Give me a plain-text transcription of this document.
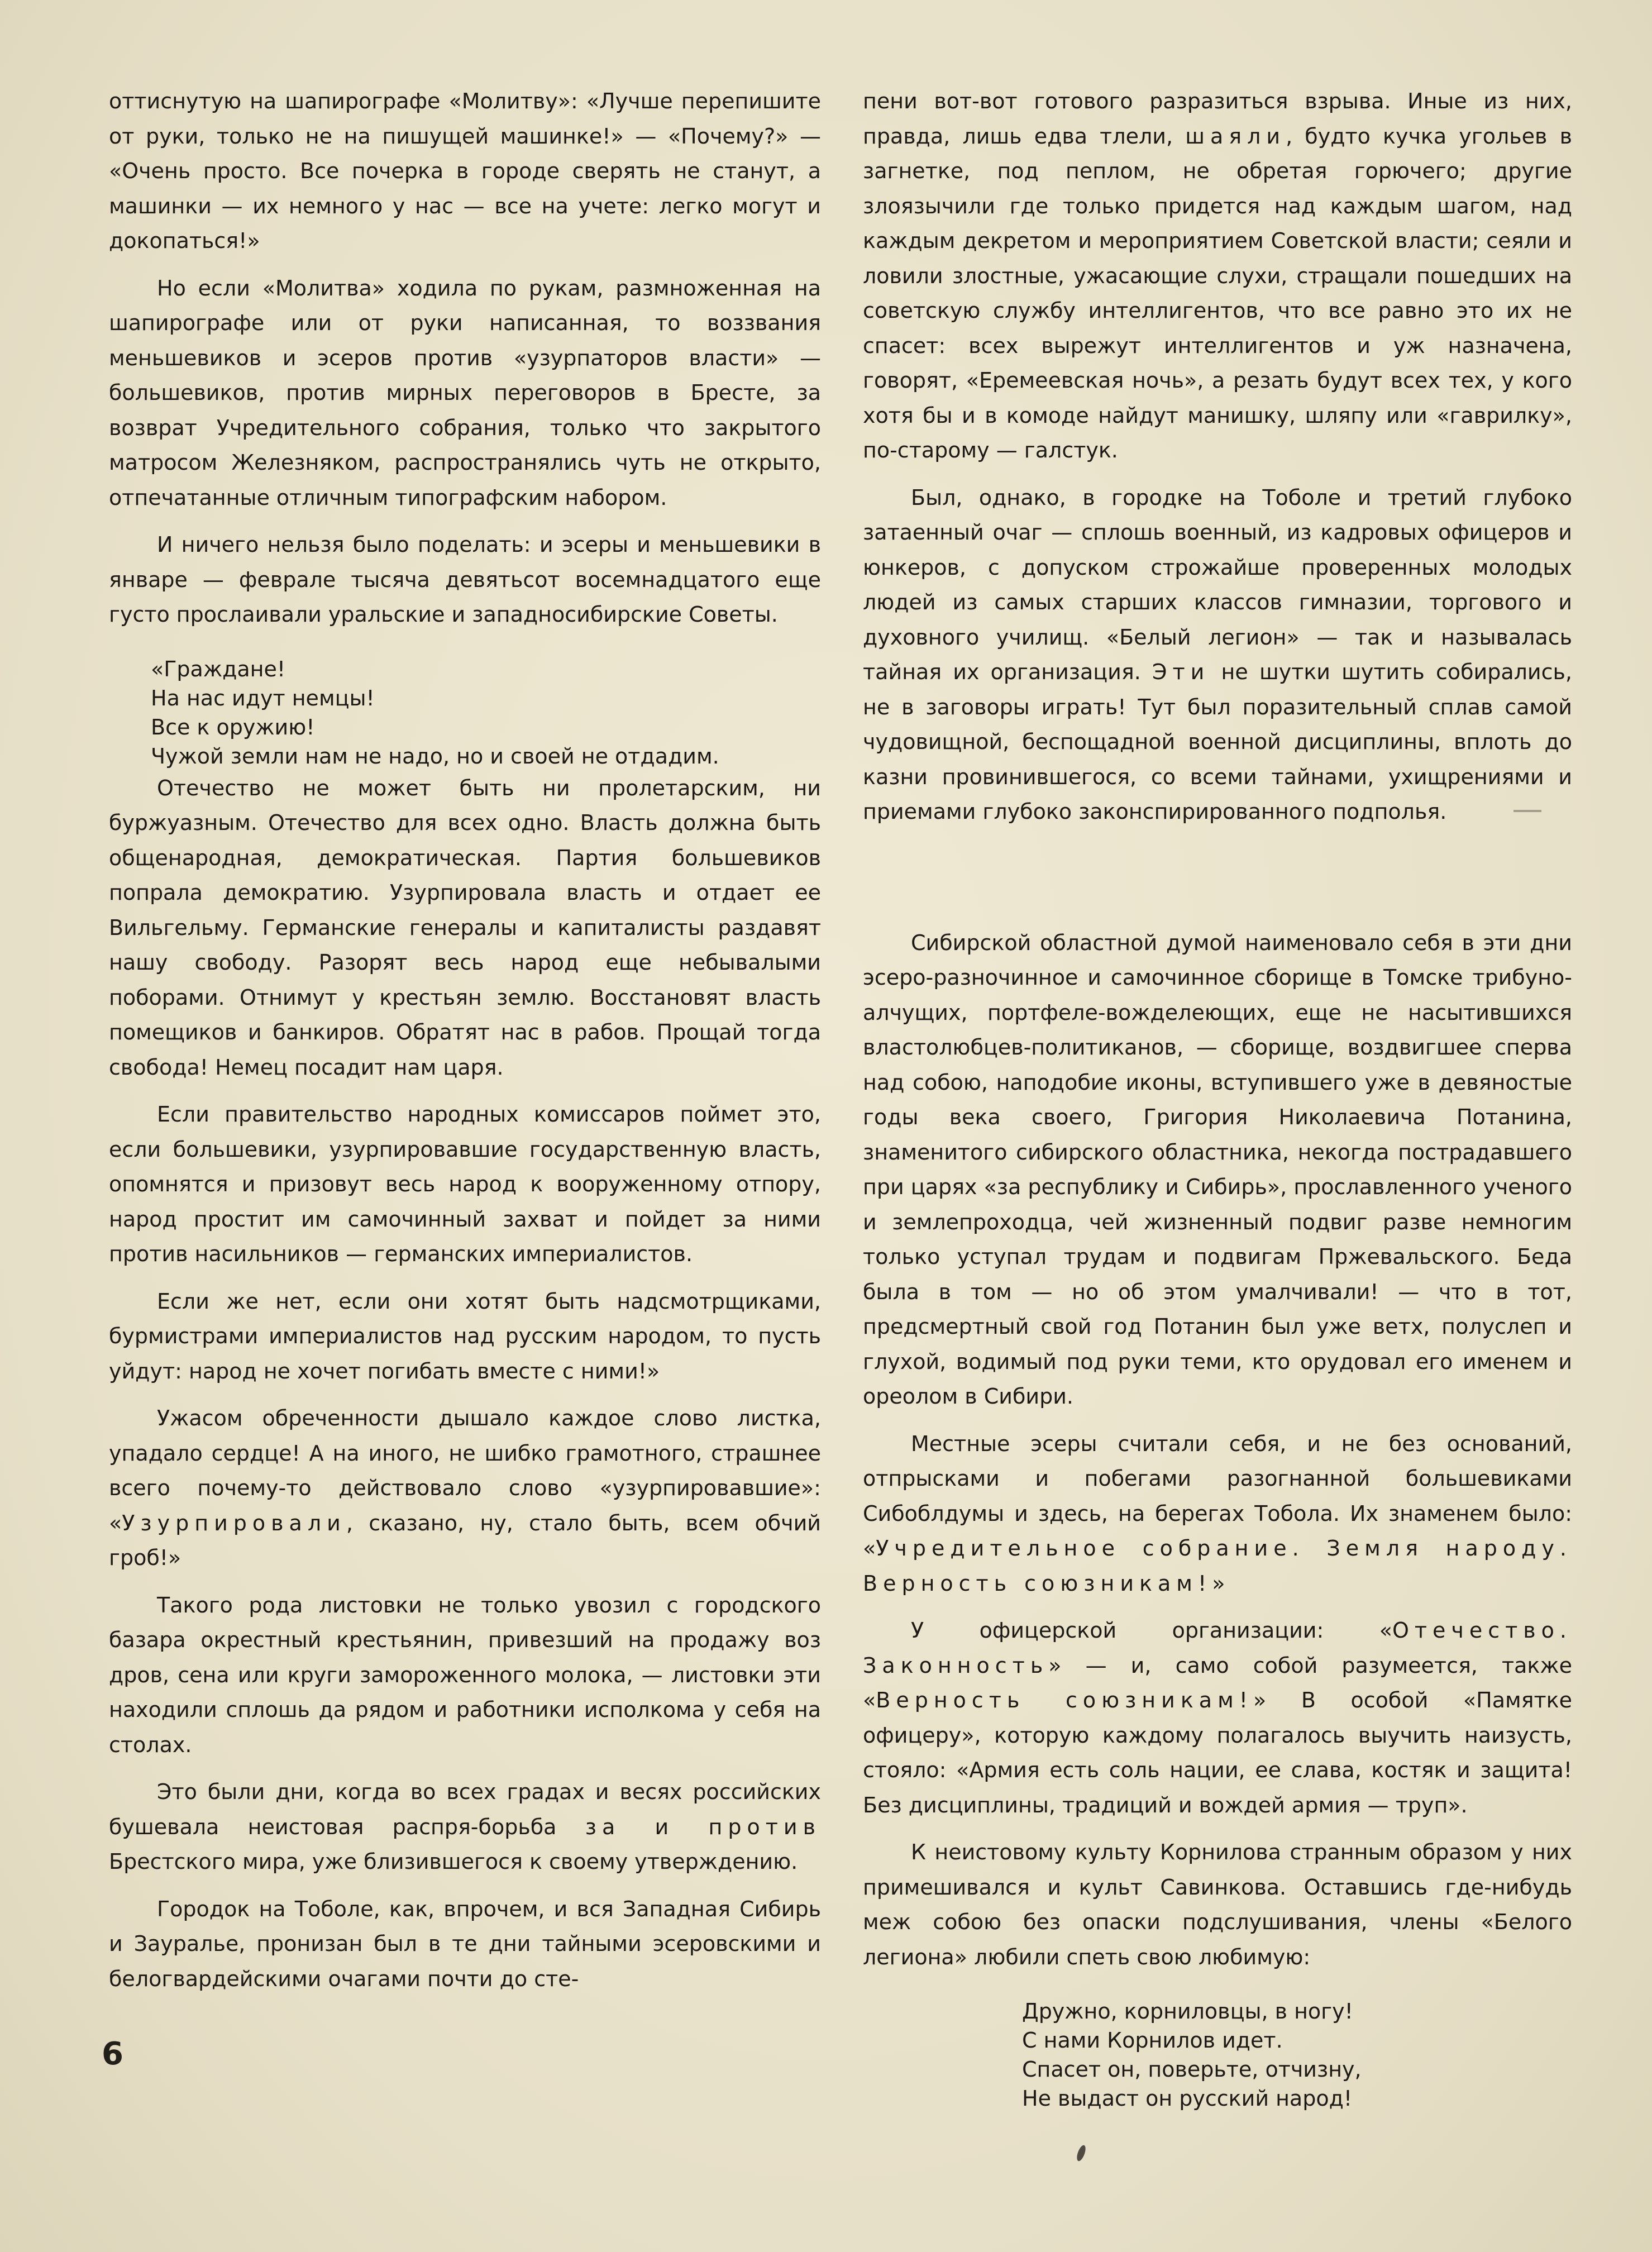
оттиснутую на шапирографе «Молитву»: «Лучше перепишите от руки, только не на пишущей машинке!» — «Почему?» — «Очень просто. Все почерка в городе сверять не станут, а машинки — их немного у нас — все на учете: легко могут и докопаться!»

Но если «Молитва» ходила по рукам, размноженная на шапирографе или от руки написанная, то воззвания меньшевиков и эсеров против «узурпаторов власти» — большевиков, против мирных переговоров в Бресте, за возврат Учредительного собрания, только что закрытого матросом Железняком, распространялись чуть не открыто, отпечатанные отличным типографским набором.

И ничего нельзя было поделать: и эсеры и меньшевики в январе — феврале тысяча девятьсот восемнадцатого еще густо прослаивали уральские и западносибирские Советы.

«Граждане!
На нас идут немцы!
Все к оружию!
Чужой земли нам не надо, но и своей не отдадим.

Отечество не может быть ни пролетарским, ни буржуазным. Отечество для всех одно. Власть должна быть общенародная, демократическая. Партия большевиков попрала демократию. Узурпировала власть и отдает ее Вильгельму. Германские генералы и капиталисты раздавят нашу свободу. Разорят весь народ еще небывалыми поборами. Отнимут у крестьян землю. Восстановят власть помещиков и банкиров. Обратят нас в рабов. Прощай тогда свобода! Немец посадит нам царя.

Если правительство народных комиссаров поймет это, если большевики, узурпировавшие государственную власть, опомнятся и призовут весь народ к вооруженному отпору, народ простит им самочинный захват и пойдет за ними против насильников — германских империалистов.

Если же нет, если они хотят быть надсмотрщиками, бурмистрами империалистов над русским народом, то пусть уйдут: народ не хочет погибать вместе с ними!»

Ужасом обреченности дышало каждое слово листка, упадало сердце! А на иного, не шибко грамотного, страшнее всего почему-то действовало слово «узурпировавшие»: «Узурпировали, сказано, ну, стало быть, всем обчий гроб!»

Такого рода листовки не только увозил с городского базара окрестный крестьянин, привезший на продажу воз дров, сена или круги замороженного молока, — листовки эти находили сплошь да рядом и работники исполкома у себя на столах.

Это были дни, когда во всех градах и весях российских бушевала неистовая распря-борьба за и против Брестского мира, уже близившегося к своему утверждению.

Городок на Тоболе, как, впрочем, и вся Западная Сибирь и Зауралье, пронизан был в те дни тайными эсеровскими и белогвардейскими очагами почти до сте-

пени вот-вот готового разразиться взрыва. Иные из них, правда, лишь едва тлели, шаяли, будто кучка угольев в загнетке, под пеплом, не обретая горючего; другие злоязычили где только придется над каждым шагом, над каждым декретом и мероприятием Советской власти; сеяли и ловили злостные, ужасающие слухи, стращали пошедших на советскую службу интеллигентов, что все равно это их не спасет: всех вырежут интеллигентов и уж назначена, говорят, «Еремеевская ночь», а резать будут всех тех, у кого хотя бы и в комоде найдут манишку, шляпу или «гаврилку», по-старому — галстук.

Был, однако, в городке на Тоболе и третий глубоко затаенный очаг — сплошь военный, из кадровых офицеров и юнкеров, с допуском строжайше проверенных молодых людей из самых старших классов гимназии, торгового и духовного училищ. «Белый легион» — так и называлась тайная их организация. Эти не шутки шутить собирались, не в заговоры играть! Тут был поразительный сплав самой чудовищной, беспощадной военной дисциплины, вплоть до казни провинившегося, со всеми тайнами, ухищрениями и приемами глубоко законспирированного подполья.

Сибирской областной думой наименовало себя в эти дни эсеро-разночинное и самочинное сборище в Томске трибуно-алчущих, портфеле-вожделеющих, еще не насытившихся властолюбцев-политиканов, — сборище, воздвигшее сперва над собою, наподобие иконы, вступившего уже в девяностые годы века своего, Григория Николаевича Потанина, знаменитого сибирского областника, некогда пострадавшего при царях «за республику и Сибирь», прославленного ученого и землепроходца, чей жизненный подвиг разве немногим только уступал трудам и подвигам Пржевальского. Беда была в том — но об этом умалчивали! — что в тот, предсмертный свой год Потанин был уже ветх, полуслеп и глухой, водимый под руки теми, кто орудовал его именем и ореолом в Сибири.

Местные эсеры считали себя, и не без оснований, отпрысками и побегами разогнанной большевиками Сибоблдумы и здесь, на берегах Тобола. Их знаменем было: «Учредительное собрание. Земля народу. Верность союзникам!»

У офицерской организации: «Отечество. Законность» — и, само собой разумеется, также «Верность союзникам!» В особой «Памятке офицеру», которую каждому полагалось выучить наизусть, стояло: «Армия есть соль нации, ее слава, костяк и защита! Без дисциплины, традиций и вождей армия — труп».

К неистовому культу Корнилова странным образом у них примешивался и культ Савинкова. Оставшись где-нибудь меж собою без опаски подслушивания, члены «Белого легиона» любили спеть свою любимую:

Дружно, корниловцы, в ногу!
С нами Корнилов идет.
Спасет он, поверьте, отчизну,
Не выдаст он русский народ!
6
